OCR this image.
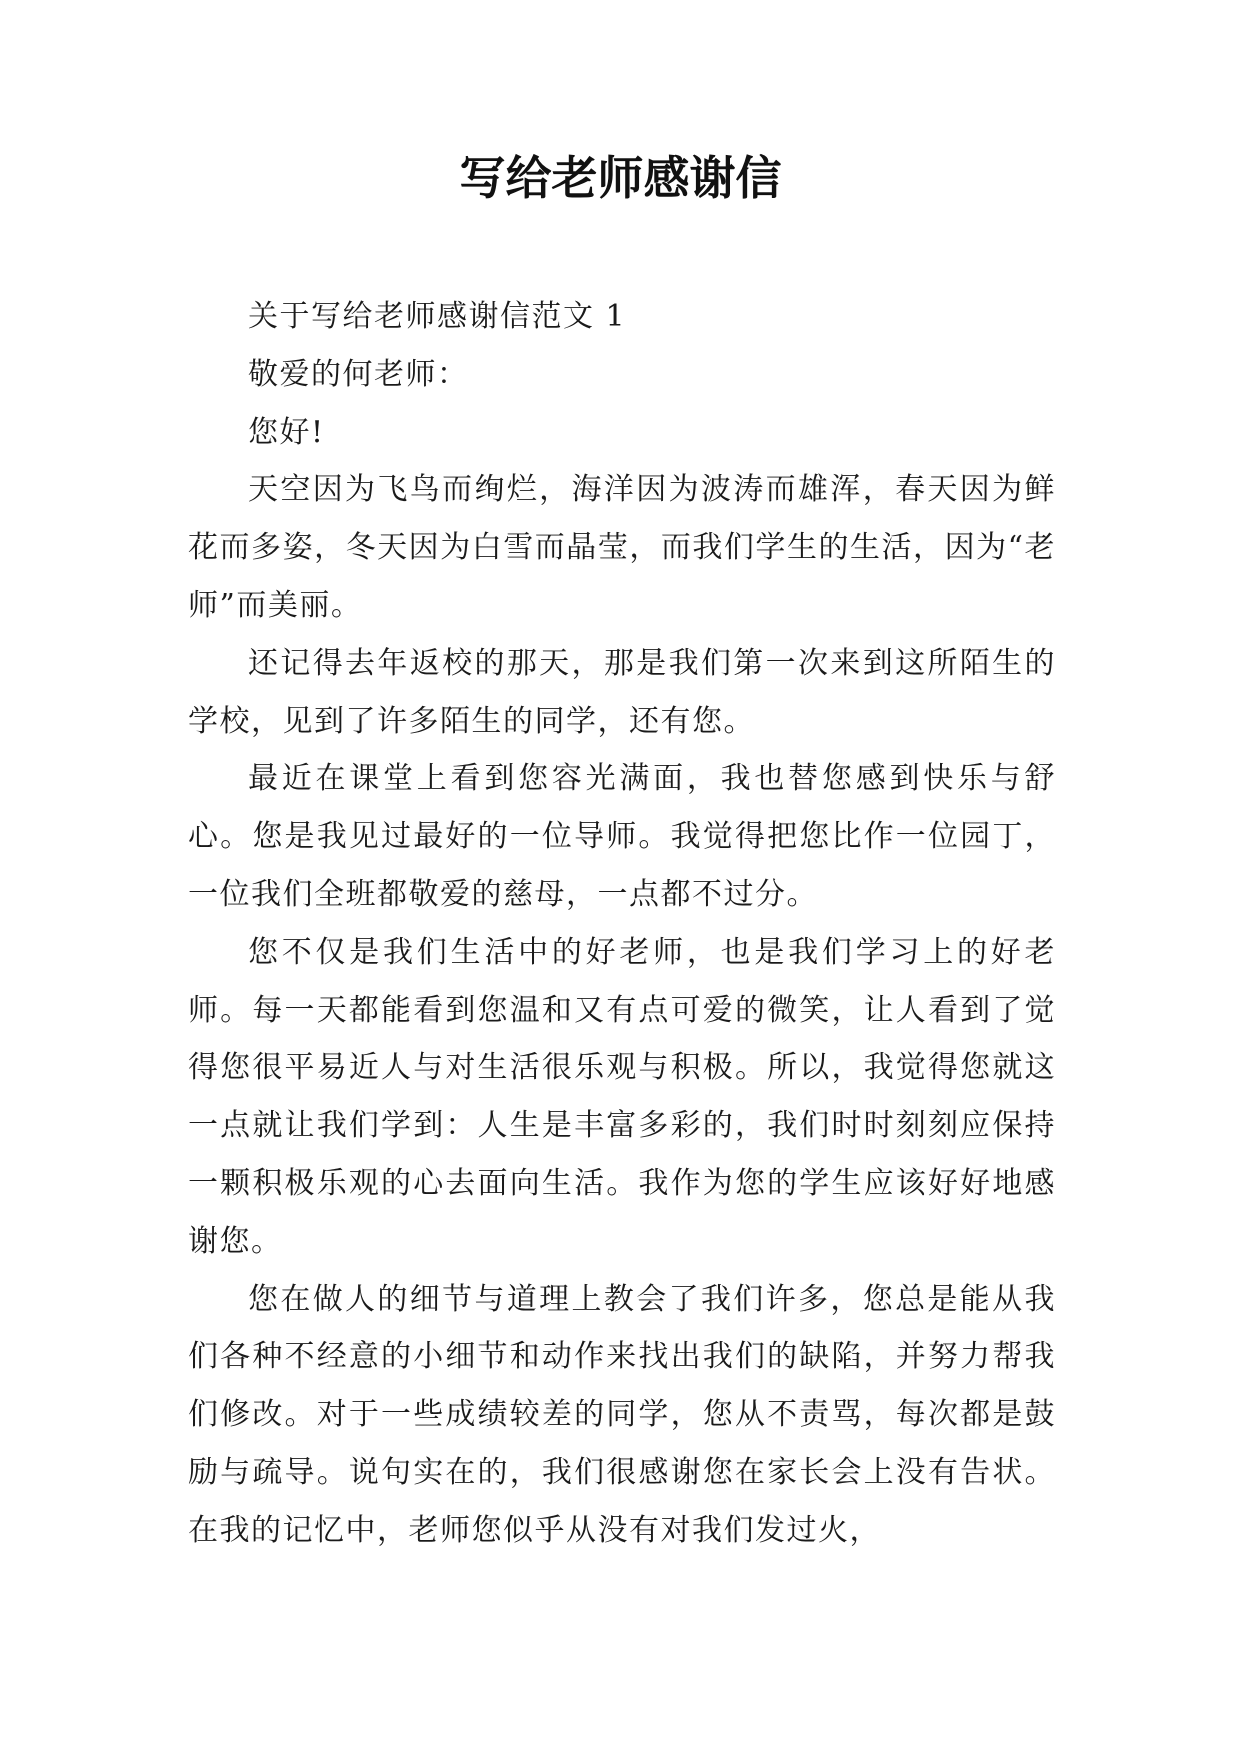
写给老师感谢信

关于写给老师感谢信范文 1

敬爱的何老师：

您好!

天空因为飞鸟而绚烂，海洋因为波涛而雄浑，春天因为鲜花而多姿，冬天因为白雪而晶莹，而我们学生的生活，因为“老师”而美丽。

还记得去年返校的那天，那是我们第一次来到这所陌生的学校，见到了许多陌生的同学，还有您。

最近在课堂上看到您容光满面，我也替您感到快乐与舒心。您是我见过最好的一位导师。我觉得把您比作一位园丁，一位我们全班都敬爱的慈母，一点都不过分。

您不仅是我们生活中的好老师，也是我们学习上的好老师。每一天都能看到您温和又有点可爱的微笑，让人看到了觉得您很平易近人与对生活很乐观与积极。所以，我觉得您就这一点就让我们学到：人生是丰富多彩的，我们时时刻刻应保持一颗积极乐观的心去面向生活。我作为您的学生应该好好地感谢您。

您在做人的细节与道理上教会了我们许多，您总是能从我们各种不经意的小细节和动作来找出我们的缺陷，并努力帮我们修改。对于一些成绩较差的同学，您从不责骂，每次都是鼓励与疏导。说句实在的，我们很感谢您在家长会上没有告状。在我的记忆中，老师您似乎从没有对我们发过火，
